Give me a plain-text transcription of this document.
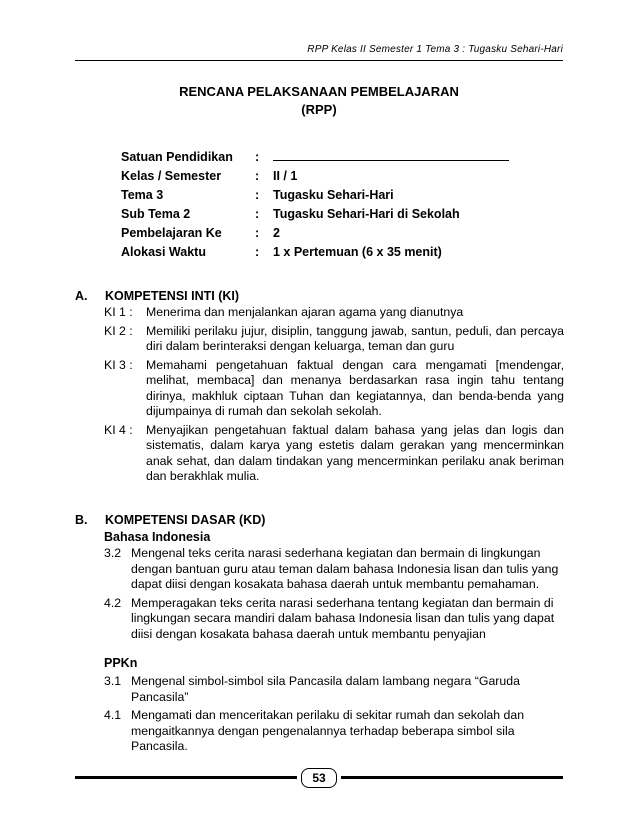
RPP Kelas II Semester 1 Tema 3 : Tugasku Sehari-Hari
RENCANA PELAKSANAAN PEMBELAJARAN
(RPP)
Satuan Pendidikan	:
Kelas / Semester	:	II / 1
Tema 3	:	Tugasku Sehari-Hari
Sub Tema 2	:	Tugasku Sehari-Hari di Sekolah
Pembelajaran Ke	:	2
Alokasi Waktu	:	1 x Pertemuan (6 x 35 menit)
A.	KOMPETENSI INTI (KI)
KI 1 :	Menerima dan menjalankan ajaran agama yang dianutnya
KI 2 :	Memiliki perilaku jujur, disiplin, tanggung jawab, santun, peduli, dan percaya diri dalam berinteraksi dengan keluarga, teman dan guru
KI 3 :	Memahami pengetahuan faktual dengan cara mengamati [mendengar, melihat, membaca] dan menanya berdasarkan rasa ingin tahu tentang dirinya, makhluk ciptaan Tuhan dan kegiatannya, dan benda-benda yang dijumpainya di rumah dan sekolah sekolah.
KI 4 :	Menyajikan pengetahuan faktual dalam bahasa yang jelas dan logis dan sistematis, dalam karya yang estetis dalam gerakan yang mencerminkan anak sehat, dan dalam tindakan yang mencerminkan perilaku anak beriman dan berakhlak mulia.
B.	KOMPETENSI DASAR (KD)
Bahasa Indonesia
3.2 Mengenal teks cerita narasi sederhana kegiatan dan bermain di lingkungan dengan bantuan guru atau teman dalam bahasa Indonesia lisan dan tulis yang dapat diisi dengan kosakata bahasa daerah untuk membantu pemahaman.
4.2 Memperagakan teks cerita narasi sederhana tentang kegiatan dan bermain di lingkungan secara mandiri dalam bahasa Indonesia lisan dan tulis yang dapat diisi dengan kosakata bahasa daerah untuk membantu penyajian
PPKn
3.1 Mengenal simbol-simbol sila Pancasila dalam lambang negara “Garuda Pancasila”
4.1 Mengamati dan menceritakan perilaku di sekitar rumah dan sekolah dan mengaitkannya dengan pengenalannya terhadap beberapa simbol sila Pancasila.
53
